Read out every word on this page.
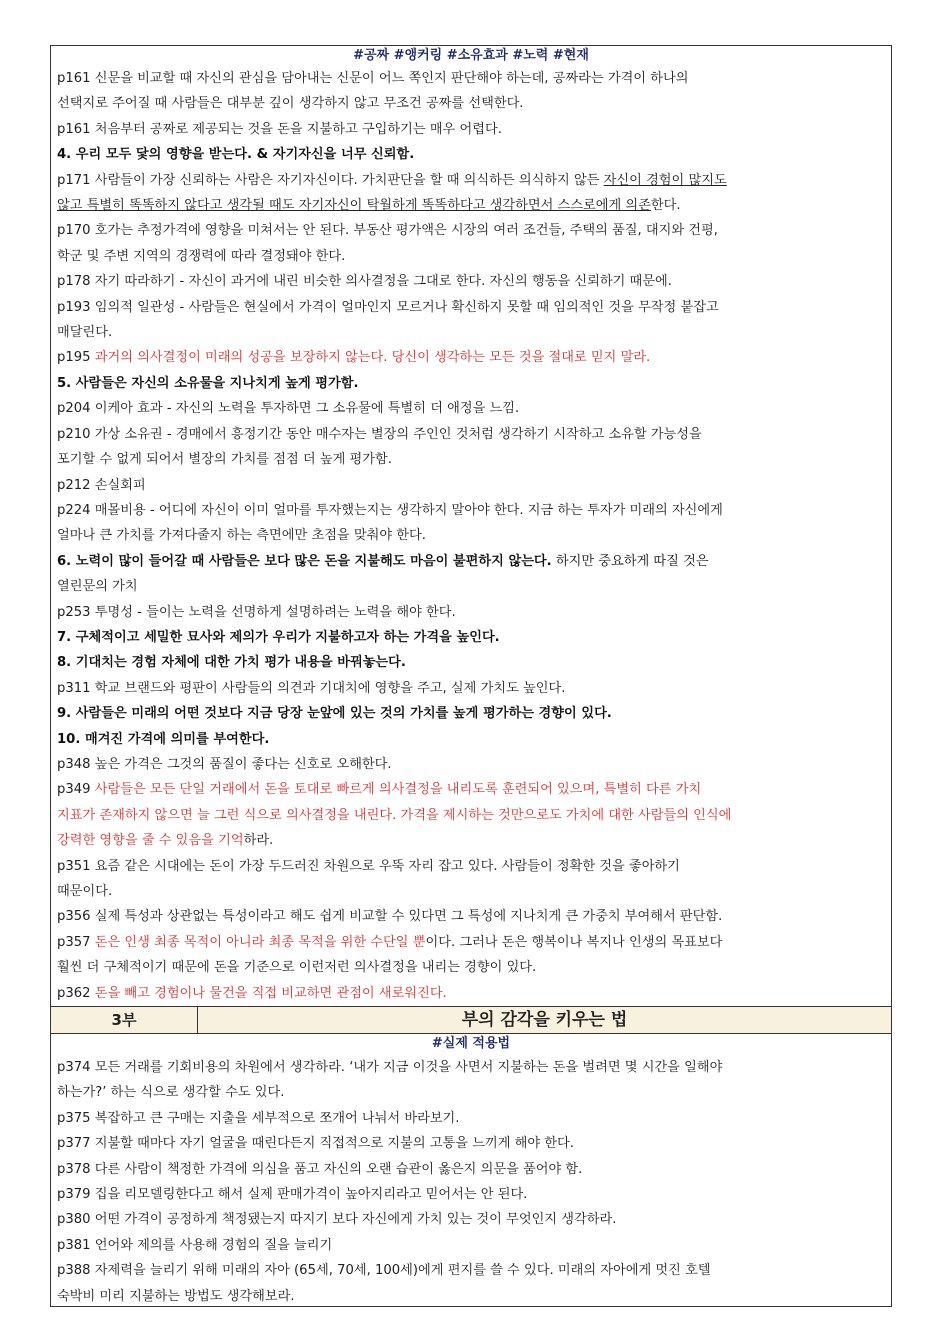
#공짜 #앵커링 #소유효과 #노력 #현재
p161 신문을 비교할 때 자신의 관심을 담아내는 신문이 어느 쪽인지 판단해야 하는데, 공짜라는 가격이 하나의
선택지로 주어질 때 사람들은 대부분 깊이 생각하지 않고 무조건 공짜를 선택한다.
p161 처음부터 공짜로 제공되는 것을 돈을 지불하고 구입하기는 매우 어렵다.
4. 우리 모두 닻의 영향을 받는다. & 자기자신을 너무 신뢰함.
p171 사람들이 가장 신뢰하는 사람은 자기자신이다. 가치판단을 할 때 의식하든 의식하지 않든 자신이 경험이 많지도
않고 특별히 똑똑하지 않다고 생각될 때도 자기자신이 탁월하게 똑똑하다고 생각하면서 스스로에게 의존한다.
p170 호가는 추정가격에 영향을 미쳐서는 안 된다. 부동산 평가액은 시장의 여러 조건들, 주택의 품질, 대지와 건평,
학군 및 주변 지역의 경쟁력에 따라 결정돼야 한다.
p178 자기 따라하기 - 자신이 과거에 내린 비슷한 의사결정을 그대로 한다. 자신의 행동을 신뢰하기 때문에.
p193 임의적 일관성 - 사람들은 현실에서 가격이 얼마인지 모르거나 확신하지 못할 때 임의적인 것을 무작정 붙잡고
매달린다.
p195 과거의 의사결정이 미래의 성공을 보장하지 않는다. 당신이 생각하는 모든 것을 절대로 믿지 말라.
5. 사람들은 자신의 소유물을 지나치게 높게 평가함.
p204 이케아 효과 - 자신의 노력을 투자하면 그 소유물에 특별히 더 애정을 느낌.
p210 가상 소유권 - 경매에서 흥정기간 동안 매수자는 별장의 주인인 것처럼 생각하기 시작하고 소유할 가능성을
포기할 수 없게 되어서 별장의 가치를 점점 더 높게 평가함.
p212 손실회피
p224 매몰비용 - 어디에 자신이 이미 얼마를 투자했는지는 생각하지 말아야 한다. 지금 하는 투자가 미래의 자신에게
얼마나 큰 가치를 가져다줄지 하는 측면에만 초점을 맞춰야 한다.
6. 노력이 많이 들어갈 때 사람들은 보다 많은 돈을 지불해도 마음이 불편하지 않는다. 하지만 중요하게 따질 것은
열린문의 가치
p253 투명성 - 들이는 노력을 선명하게 설명하려는 노력을 해야 한다.
7. 구체적이고 세밀한 묘사와 제의가 우리가 지불하고자 하는 가격을 높인다.
8. 기대치는 경험 자체에 대한 가치 평가 내용을 바꿔놓는다.
p311 학교 브랜드와 평판이 사람들의 의견과 기대치에 영향을 주고, 실제 가치도 높인다.
9. 사람들은 미래의 어떤 것보다 지금 당장 눈앞에 있는 것의 가치를 높게 평가하는 경향이 있다.
10. 매겨진 가격에 의미를 부여한다.
p348 높은 가격은 그것의 품질이 좋다는 신호로 오해한다.
p349 사람들은 모든 단일 거래에서 돈을 토대로 빠르게 의사결정을 내리도록 훈련되어 있으며, 특별히 다른 가치
지표가 존재하지 않으면 늘 그런 식으로 의사결정을 내린다. 가격을 제시하는 것만으로도 가치에 대한 사람들의 인식에
강력한 영향을 줄 수 있음을 기억하라.
p351 요즘 같은 시대에는 돈이 가장 두드러진 차원으로 우뚝 자리 잡고 있다. 사람들이 정확한 것을 좋아하기
때문이다.
p356 실제 특성과 상관없는 특성이라고 해도 쉽게 비교할 수 있다면 그 특성에 지나치게 큰 가중치 부여해서 판단함.
p357 돈은 인생 최종 목적이 아니라 최종 목적을 위한 수단일 뿐이다. 그러나 돈은 행복이나 복지나 인생의 목표보다
훨씬 더 구체적이기 때문에 돈을 기준으로 이런저런 의사결정을 내리는 경향이 있다.
p362 돈을 빼고 경험이나 물건을 직접 비교하면 관점이 새로워진다.
3부	부의 감각을 키우는 법
#실제 적용법
p374 모든 거래를 기회비용의 차원에서 생각하라. ‘내가 지금 이것을 사면서 지불하는 돈을 벌려면 몇 시간을 일해야
하는가?’ 하는 식으로 생각할 수도 있다.
p375 복잡하고 큰 구매는 지출을 세부적으로 쪼개어 나눠서 바라보기.
p377 지불할 때마다 자기 얼굴을 때린다든지 직접적으로 지불의 고통을 느끼게 해야 한다.
p378 다른 사람이 책정한 가격에 의심을 품고 자신의 오랜 습관이 옳은지 의문을 품어야 함.
p379 집을 리모델링한다고 해서 실제 판매가격이 높아지리라고 믿어서는 안 된다.
p380 어떤 가격이 공정하게 책정됐는지 따지기 보다 자신에게 가치 있는 것이 무엇인지 생각하라.
p381 언어와 제의를 사용해 경험의 질을 늘리기
p388 자제력을 늘리기 위해 미래의 자아 (65세, 70세, 100세)에게 편지를 쓸 수 있다. 미래의 자아에게 멋진 호텔
숙박비 미리 지불하는 방법도 생각해보라.
